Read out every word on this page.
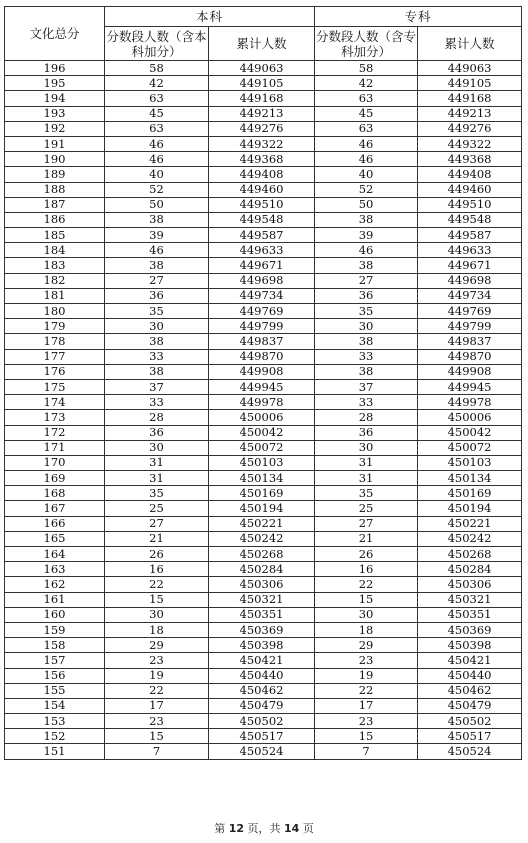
文化总分	本科		专科	
	分数段人数（含本科加分）	累计人数	分数段人数（含专科加分）	累计人数
196	58	449063	58	449063
195	42	449105	42	449105
194	63	449168	63	449168
193	45	449213	45	449213
192	63	449276	63	449276
191	46	449322	46	449322
190	46	449368	46	449368
189	40	449408	40	449408
188	52	449460	52	449460
187	50	449510	50	449510
186	38	449548	38	449548
185	39	449587	39	449587
184	46	449633	46	449633
183	38	449671	38	449671
182	27	449698	27	449698
181	36	449734	36	449734
180	35	449769	35	449769
179	30	449799	30	449799
178	38	449837	38	449837
177	33	449870	33	449870
176	38	449908	38	449908
175	37	449945	37	449945
174	33	449978	33	449978
173	28	450006	28	450006
172	36	450042	36	450042
171	30	450072	30	450072
170	31	450103	31	450103
169	31	450134	31	450134
168	35	450169	35	450169
167	25	450194	25	450194
166	27	450221	27	450221
165	21	450242	21	450242
164	26	450268	26	450268
163	16	450284	16	450284
162	22	450306	22	450306
161	15	450321	15	450321
160	30	450351	30	450351
159	18	450369	18	450369
158	29	450398	29	450398
157	23	450421	23	450421
156	19	450440	19	450440
155	22	450462	22	450462
154	17	450479	17	450479
153	23	450502	23	450502
152	15	450517	15	450517
151	7	450524	7	450524
第 12 页，共 14 页
